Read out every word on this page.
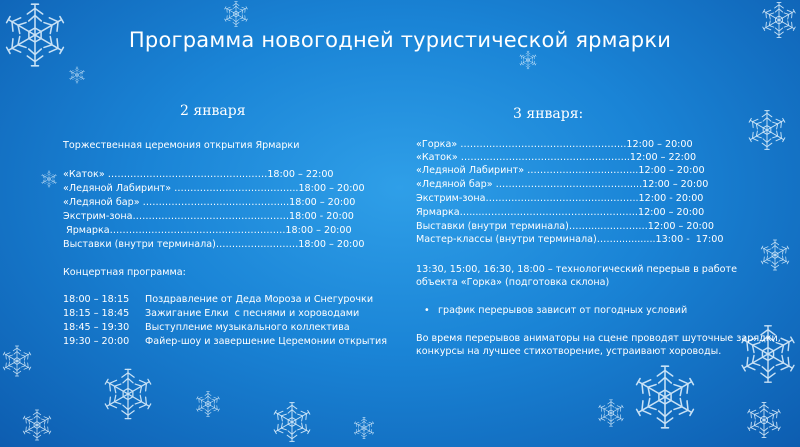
Программа новогодней туристической ярмарки
2 января
Торжественная церемония открытия Ярмарки
«Каток» ……………………………………..……18:00 – 22:00
«Ледяной Лабиринт» ………………………………...18:00 – 20:00
«Ледяной бар» ……………………….……………...18:00 – 20:00
Экстрим-зона…………………………….……………18:00 - 20:00
Ярмарка……………………………………………….18:00 – 20:00
Выставки (внутри терминала)……...……..………18:00 – 20:00
Концертная программа:
18:00 – 18:15 Поздравление от Деда Мороза и Снегурочки
18:15 – 18:45 Зажигание Елки  с песнями и хороводами
18:45 – 19:30 Выступление музыкального коллектива
19:30 – 20:00 Файер-шоу и завершение Церемонии открытия
3 января:
«Горка» …………………………………………….12:00 – 20:00
«Каток» ……………………………………………..12:00 – 22:00
«Ледяной Лабиринт» ……………………..……...12:00 – 20:00
«Ледяной бар» ……………………………………....12:00 – 20:00
Экстрим-зона……………………………….………..12:00 - 20:00
Ярмарка…....………………………………………….12:00 – 20:00
Выставки (внутри терминала)…….....….……….12:00 – 20:00
Мастер-классы (внутри терминала)…….............13:00 -  17:00
13:30, 15:00, 16:30, 18:00 – технологический перерыв в работе
объекта «Горка» (подготовка склона)
• график перерывов зависит от погодных условий
Во время перерывов аниматоры на сцене проводят шуточные зарядки,
конкурсы на лучшее стихотворение, устраивают хороводы.
